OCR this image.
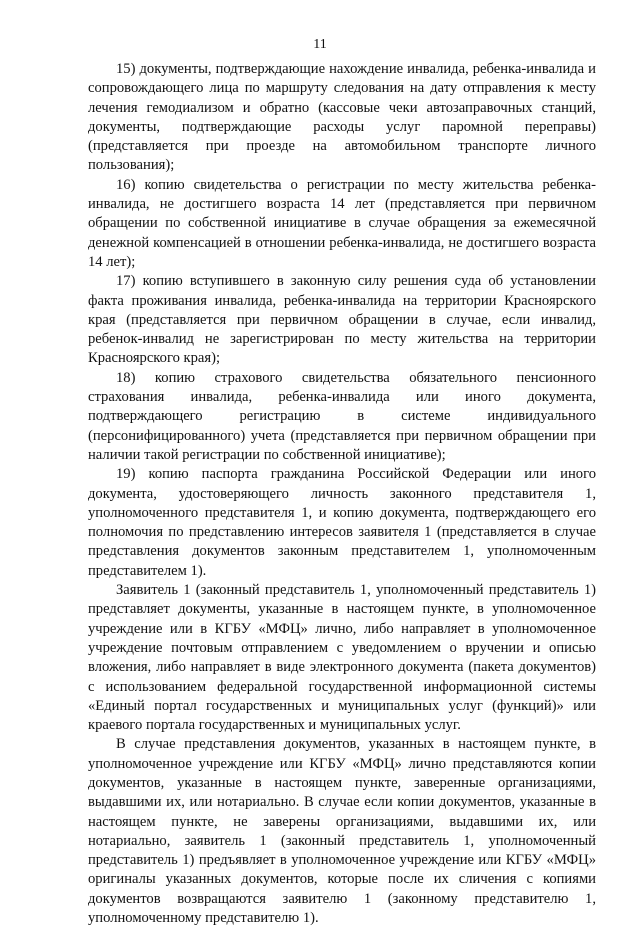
11

15) документы, подтверждающие нахождение инвалида, ребенка-инвалида и сопровождающего лица по маршруту следования на дату отправления к месту лечения гемодиализом и обратно (кассовые чеки автозаправочных станций, документы, подтверждающие расходы услуг паромной переправы) (представляется при проезде на автомобильном транспорте личного пользования);

16) копию свидетельства о регистрации по месту жительства ребенка-инвалида, не достигшего возраста 14 лет (представляется при первичном обращении по собственной инициативе в случае обращения за ежемесячной денежной компенсацией в отношении ребенка-инвалида, не достигшего возраста 14 лет);

17) копию вступившего в законную силу решения суда об установлении факта проживания инвалида, ребенка-инвалида на территории Красноярского края (представляется при первичном обращении в случае, если инвалид, ребенок-инвалид не зарегистрирован по месту жительства на территории Красноярского края);

18) копию страхового свидетельства обязательного пенсионного страхования инвалида, ребенка-инвалида или иного документа, подтверждающего регистрацию в системе индивидуального (персонифицированного) учета (представляется при первичном обращении при наличии такой регистрации по собственной инициативе);

19) копию паспорта гражданина Российской Федерации или иного документа, удостоверяющего личность законного представителя 1, уполномоченного представителя 1, и копию документа, подтверждающего его полномочия по представлению интересов заявителя 1 (представляется в случае представления документов законным представителем 1, уполномоченным представителем 1).

Заявитель 1 (законный представитель 1, уполномоченный представитель 1) представляет документы, указанные в настоящем пункте, в уполномоченное учреждение или в КГБУ «МФЦ» лично, либо направляет в уполномоченное учреждение почтовым отправлением с уведомлением о вручении и описью вложения, либо направляет в виде электронного документа (пакета документов) с использованием федеральной государственной информационной системы «Единый портал государственных и муниципальных услуг (функций)» или краевого портала государственных и муниципальных услуг.

В случае представления документов, указанных в настоящем пункте, в уполномоченное учреждение или КГБУ «МФЦ» лично представляются копии документов, указанные в настоящем пункте, заверенные организациями, выдавшими их, или нотариально. В случае если копии документов, указанные в настоящем пункте, не заверены организациями, выдавшими их, или нотариально, заявитель 1 (законный представитель 1, уполномоченный представитель 1) предъявляет в уполномоченное учреждение или КГБУ «МФЦ» оригиналы указанных документов, которые после их сличения с копиями документов возвращаются заявителю 1 (законному представителю 1, уполномоченному представителю 1).
